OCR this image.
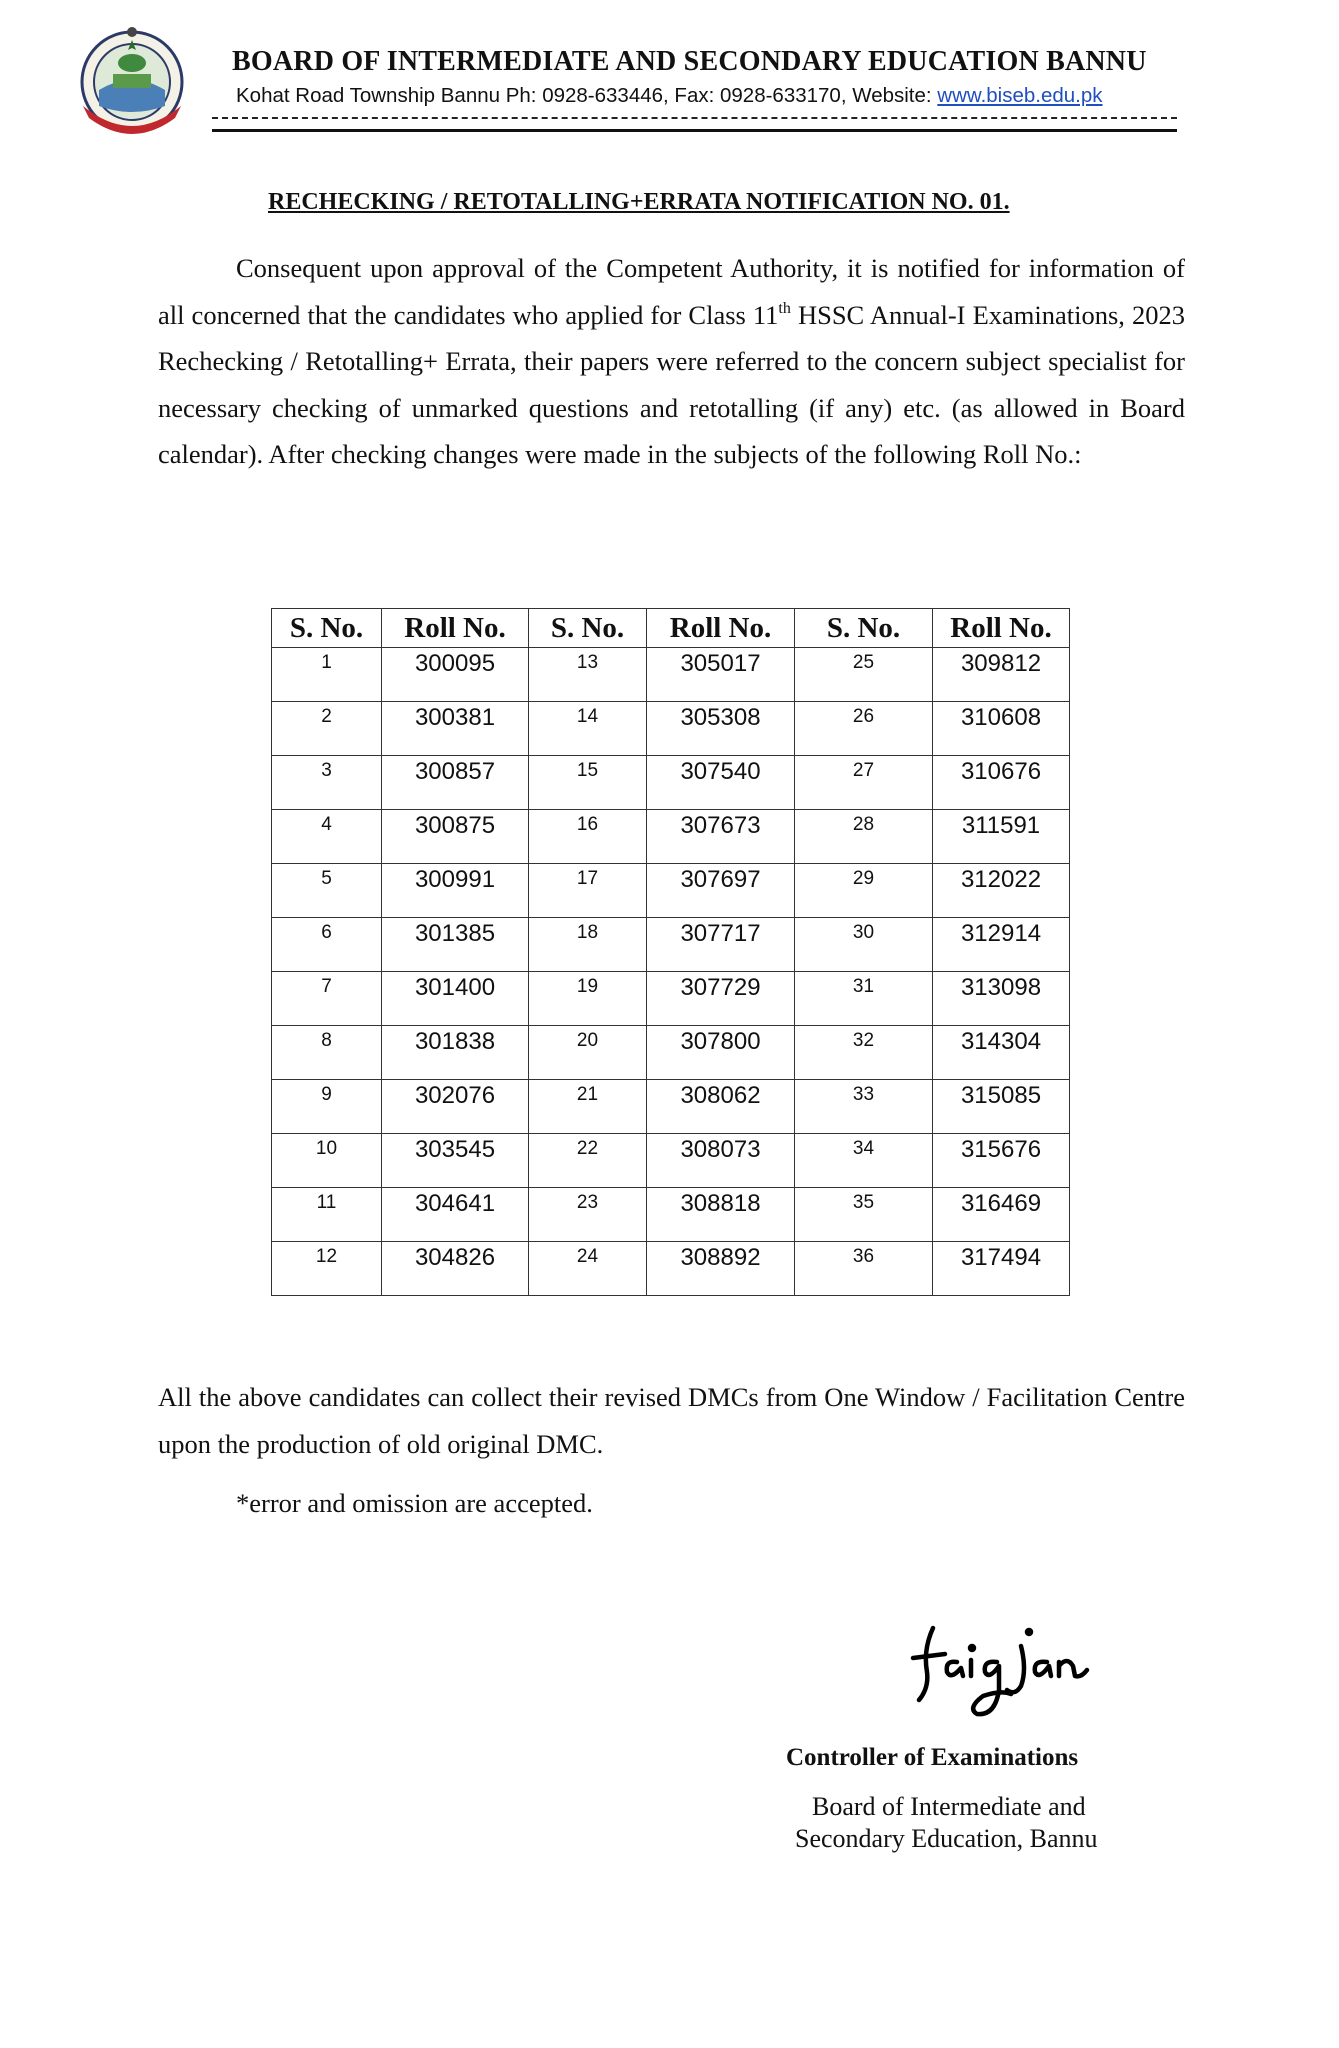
BOARD OF INTERMEDIATE AND SECONDARY EDUCATION BANNU
Kohat Road Township Bannu Ph: 0928-633446, Fax: 0928-633170, Website: www.biseb.edu.pk
RECHECKING / RETOTALLING+ERRATA NOTIFICATION NO. 01.
Consequent upon approval of the Competent Authority, it is notified for information of all concerned that the candidates who applied for Class 11th HSSC Annual-I Examinations, 2023 Rechecking / Retotalling+ Errata, their papers were referred to the concern subject specialist for necessary checking of unmarked questions and retotalling (if any) etc. (as allowed in Board calendar). After checking changes were made in the subjects of the following Roll No.:
S. No.	Roll No.	S. No.	Roll No.	S. No.	Roll No.
1	300095	13	305017	25	309812
2	300381	14	305308	26	310608
3	300857	15	307540	27	310676
4	300875	16	307673	28	311591
5	300991	17	307697	29	312022
6	301385	18	307717	30	312914
7	301400	19	307729	31	313098
8	301838	20	307800	32	314304
9	302076	21	308062	33	315085
10	303545	22	308073	34	315676
11	304641	23	308818	35	316469
12	304826	24	308892	36	317494
All the above candidates can collect their revised DMCs from One Window / Facilitation Centre upon the production of old original DMC.
*error and omission are accepted.
Controller of Examinations
Board of Intermediate and
Secondary Education, Bannu
